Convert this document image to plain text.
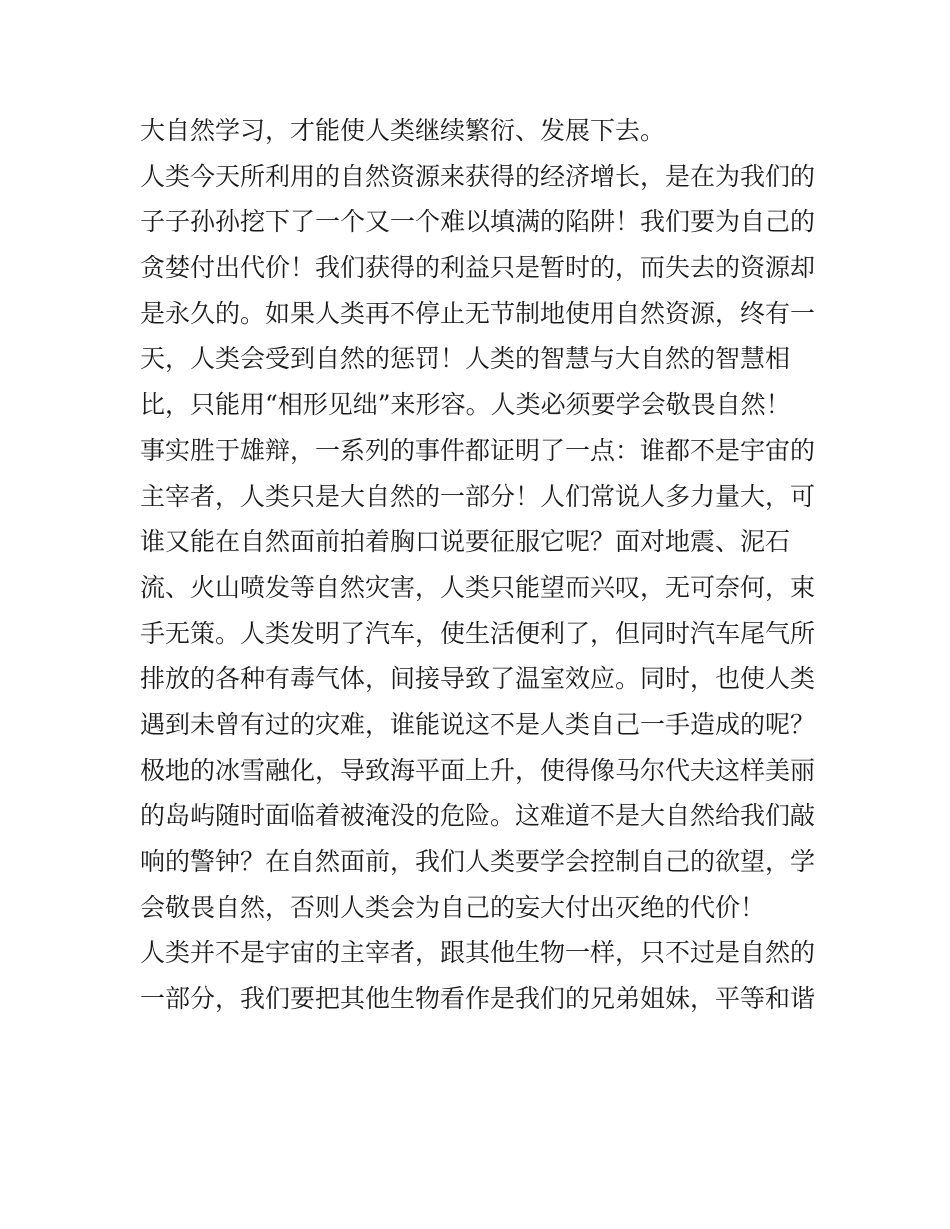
大自然学习，才能使人类继续繁衍、发展下去。
人类今天所利用的自然资源来获得的经济增长，是在为我们的
子子孙孙挖下了一个又一个难以填满的陷阱！我们要为自己的
贪婪付出代价！我们获得的利益只是暂时的，而失去的资源却
是永久的。如果人类再不停止无节制地使用自然资源，终有一
天，人类会受到自然的惩罚！人类的智慧与大自然的智慧相
比，只能用“相形见绌”来形容。人类必须要学会敬畏自然！
事实胜于雄辩，一系列的事件都证明了一点：谁都不是宇宙的
主宰者，人类只是大自然的一部分！人们常说人多力量大，可
谁又能在自然面前拍着胸口说要征服它呢？面对地震、泥石
流、火山喷发等自然灾害，人类只能望而兴叹，无可奈何，束
手无策。人类发明了汽车，使生活便利了，但同时汽车尾气所
排放的各种有毒气体，间接导致了温室效应。同时，也使人类
遇到未曾有过的灾难，谁能说这不是人类自己一手造成的呢？
极地的冰雪融化，导致海平面上升，使得像马尔代夫这样美丽
的岛屿随时面临着被淹没的危险。这难道不是大自然给我们敲
响的警钟？在自然面前，我们人类要学会控制自己的欲望，学
会敬畏自然，否则人类会为自己的妄大付出灭绝的代价！
人类并不是宇宙的主宰者，跟其他生物一样，只不过是自然的
一部分，我们要把其他生物看作是我们的兄弟姐妹，平等和谐
